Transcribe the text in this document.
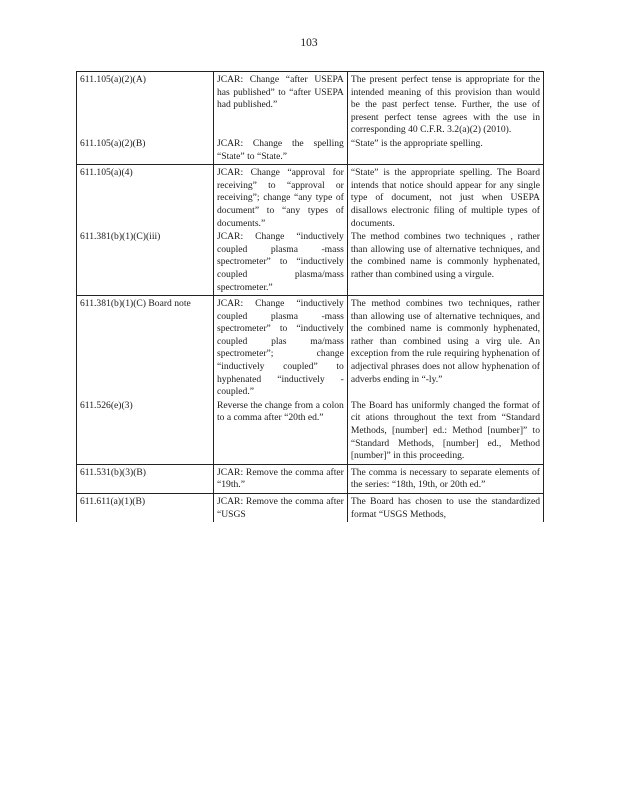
103
611.105(a)(2)(A)	JCAR: Change “after USEPA has published” to “after USEPA had published.”	The present perfect tense is appropriate for the intended meaning of this provision than would be the past perfect tense. Further, the use of present perfect tense agrees with the use in corresponding 40 C.F.R. 3.2(a)(2) (2010).

611.105(a)(2)(B)	JCAR: Change the spelling “State” to “State.”	“State” is the appropriate spelling.

611.105(a)(4)	JCAR: Change “approval for receiving” to “approval or receiving”; change “any type of document” to “any types of documents.”	“State” is the appropriate spelling. The Board intends that notice should appear for any single type of document, not just when USEPA disallows electronic filing of multiple types of documents.

611.381(b)(1)(C)(iii)	JCAR: Change “inductively coupled plasma -mass spectrometer” to “inductively coupled plasma/mass spectrometer.”	The method combines two techniques , rather than allowing use of alternative techniques, and the combined name is commonly hyphenated, rather than combined using a virgule.

611.381(b)(1)(C) Board note	JCAR: Change “inductively coupled plasma -mass spectrometer” to “inductively coupled plas ma/mass spectrometer”; change “inductively coupled” to hyphenated “inductively - coupled.”	The method combines two techniques, rather than allowing use of alternative techniques, and the combined name is commonly hyphenated, rather than combined using a virg ule. An exception from the rule requiring hyphenation of adjectival phrases does not allow hyphenation of adverbs ending in “-ly.”

611.526(e)(3)	Reverse the change from a colon to a comma after “20th ed.”	The Board has uniformly changed the format of cit ations throughout the text from “Standard Methods, [number] ed.: Method [number]” to “Standard Methods, [number] ed., Method [number]” in this proceeding.

611.531(b)(3)(B)	JCAR: Remove the comma after “19th.”	The comma is necessary to separate elements of the series: “18th, 19th, or 20th ed.”

611.611(a)(1)(B)	JCAR: Remove the comma after “USGS	The Board has chosen to use the standardized format “USGS Methods,
